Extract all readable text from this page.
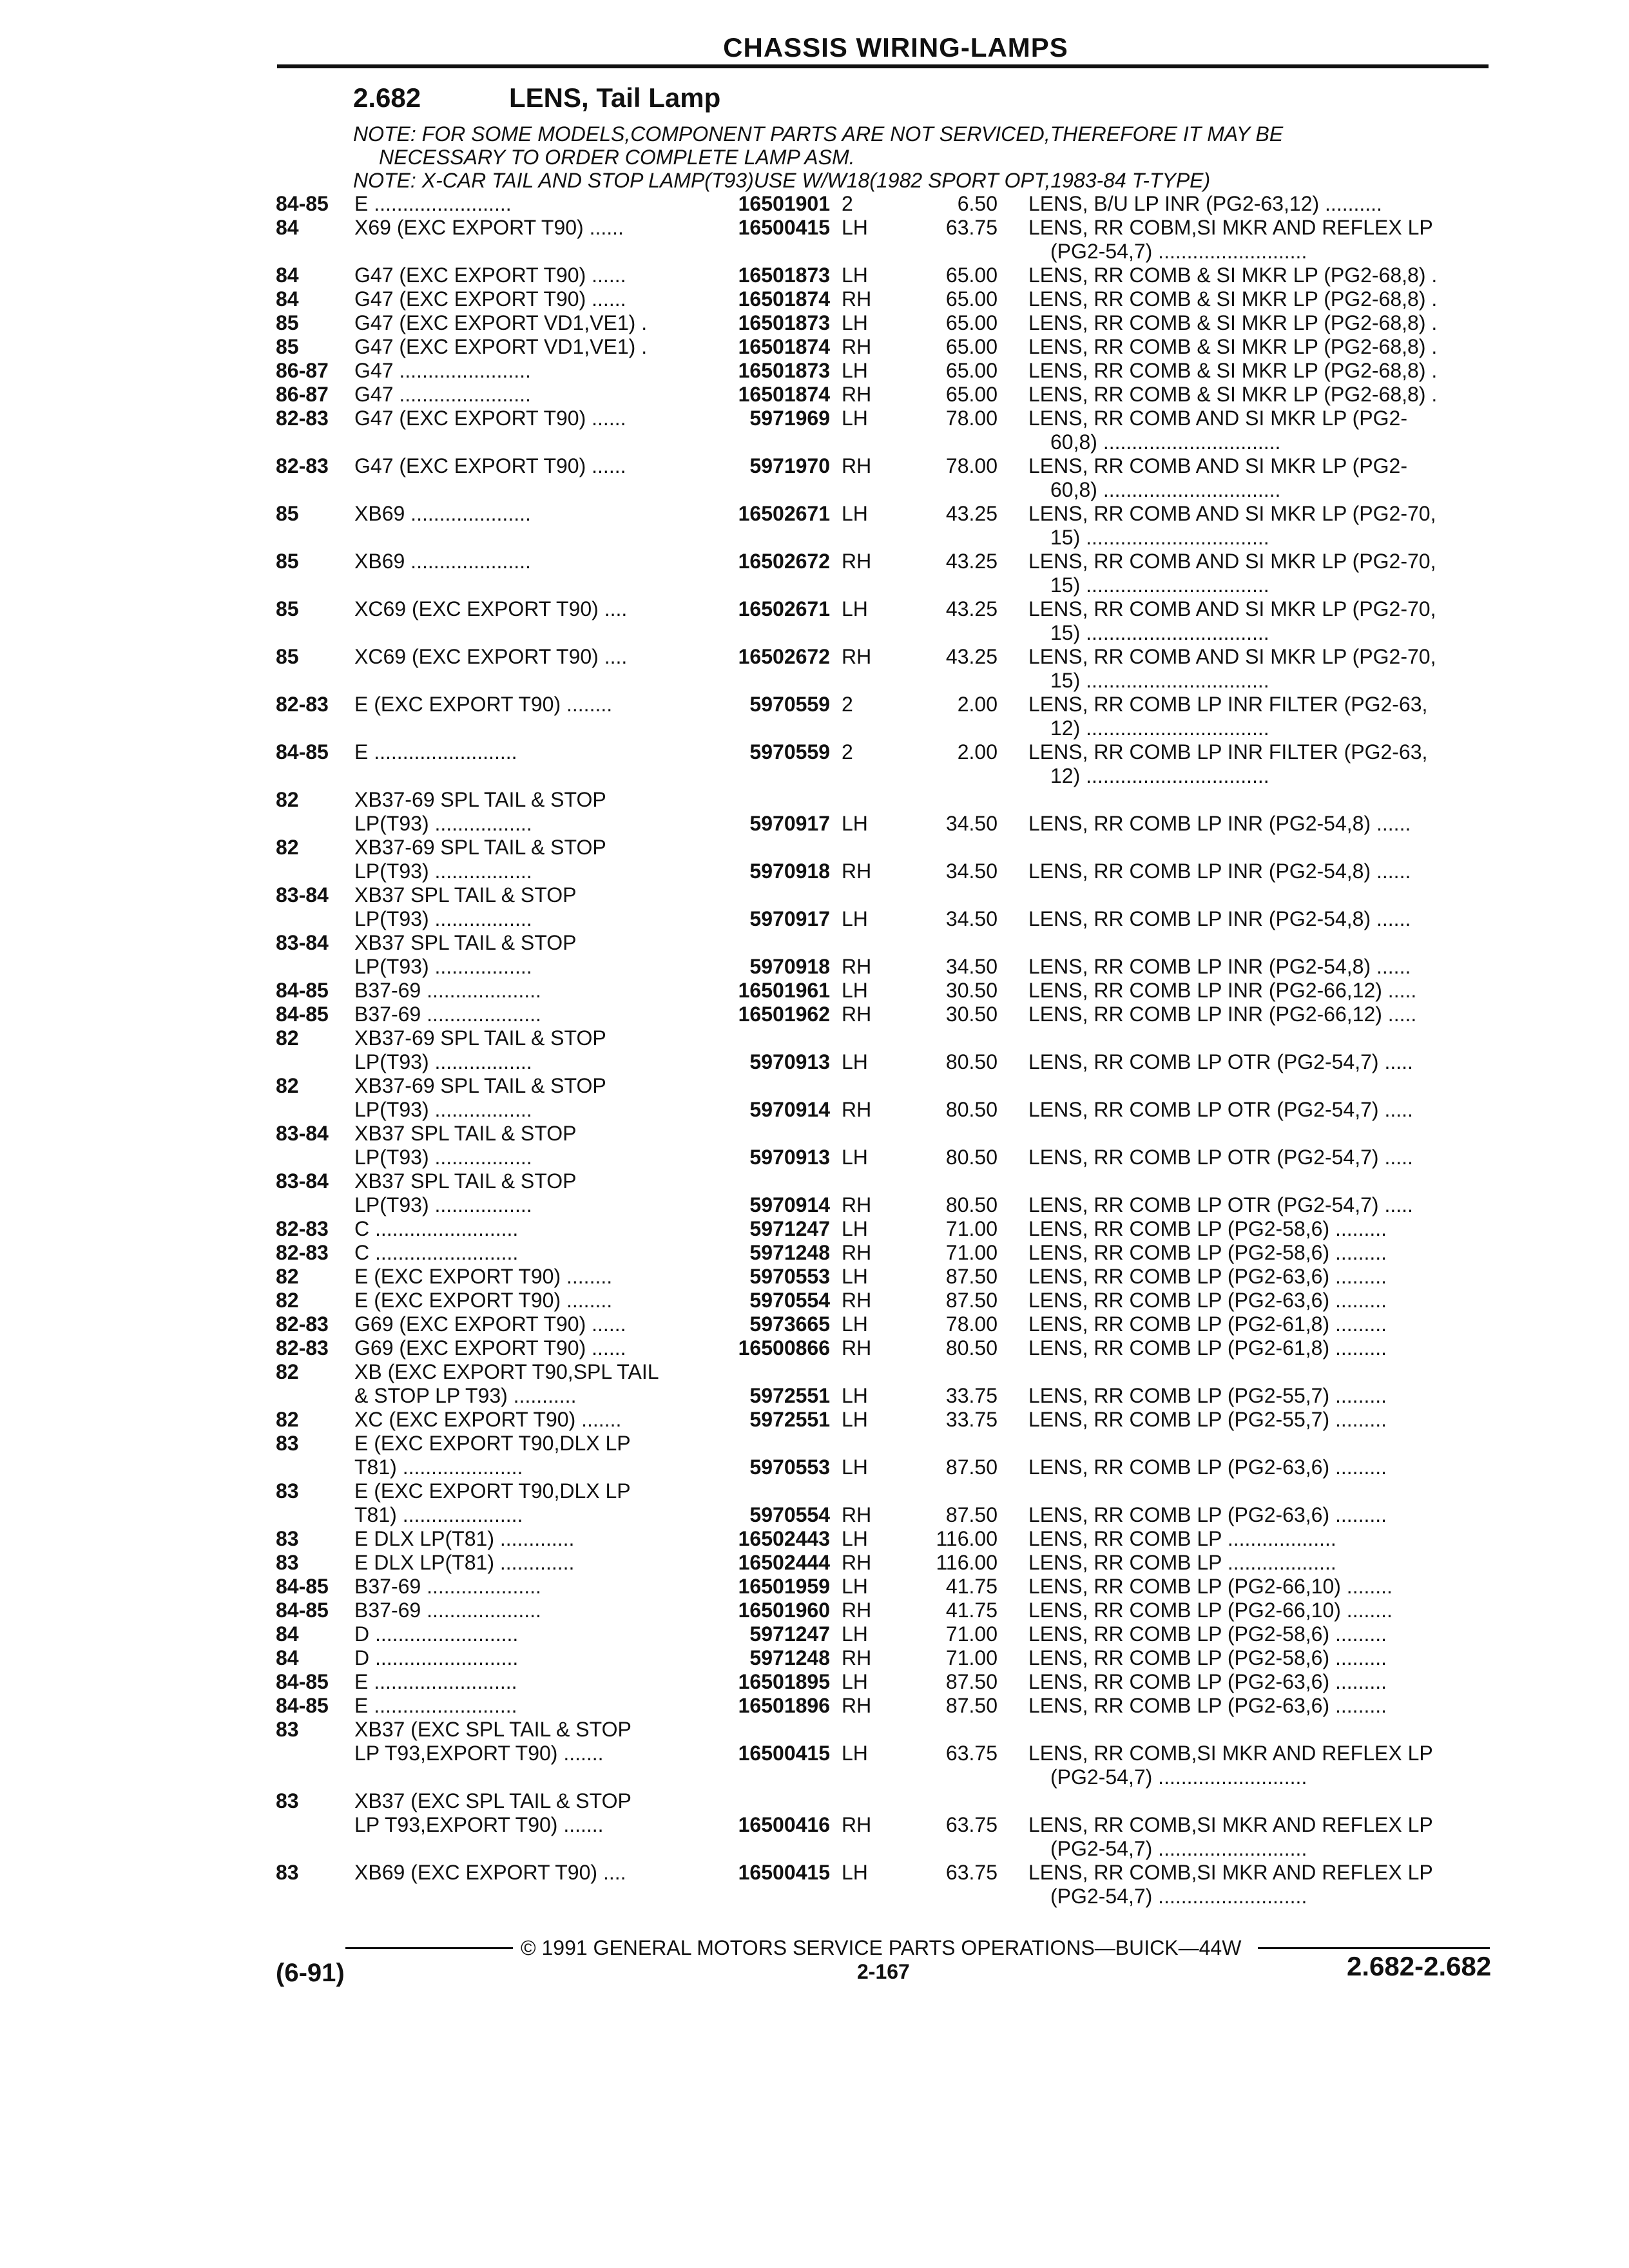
CHASSIS WIRING-LAMPS
2.682	LENS, Tail Lamp
NOTE: FOR SOME MODELS,COMPONENT PARTS ARE NOT SERVICED,THEREFORE IT MAY BE
NECESSARY TO ORDER COMPLETE LAMP ASM.
NOTE: X-CAR TAIL AND STOP LAMP(T93)USE W/W18(1982 SPORT OPT,1983-84 T-TYPE)
84-85	E ........................	16501901 2	6.50 LENS, B/U LP INR (PG2-63,12) ..........
84	X69 (EXC EXPORT T90) ......	16500415 LH	63.75 LENS, RR COBM,SI MKR AND REFLEX LP
(PG2-54,7) ..........................
84	G47 (EXC EXPORT T90) ......	16501873 LH	65.00 LENS, RR COMB & SI MKR LP (PG2-68,8) .
84	G47 (EXC EXPORT T90) ......	16501874 RH	65.00 LENS, RR COMB & SI MKR LP (PG2-68,8) .
85	G47 (EXC EXPORT VD1,VE1) .	16501873 LH	65.00 LENS, RR COMB & SI MKR LP (PG2-68,8) .
85	G47 (EXC EXPORT VD1,VE1) .	16501874 RH	65.00 LENS, RR COMB & SI MKR LP (PG2-68,8) .
86-87	G47 .......................	16501873 LH	65.00 LENS, RR COMB & SI MKR LP (PG2-68,8) .
86-87	G47 .......................	16501874 RH	65.00 LENS, RR COMB & SI MKR LP (PG2-68,8) .
82-83	G47 (EXC EXPORT T90) ......	5971969 LH	78.00 LENS, RR COMB AND SI MKR LP (PG2-
60,8) ...............................
82-83	G47 (EXC EXPORT T90) ......	5971970 RH	78.00 LENS, RR COMB AND SI MKR LP (PG2-
60,8) ...............................
85	XB69 .....................	16502671 LH	43.25 LENS, RR COMB AND SI MKR LP (PG2-70,
15) ................................
85	XB69 .....................	16502672 RH	43.25 LENS, RR COMB AND SI MKR LP (PG2-70,
15) ................................
85	XC69 (EXC EXPORT T90) ....	16502671 LH	43.25 LENS, RR COMB AND SI MKR LP (PG2-70,
15) ................................
85	XC69 (EXC EXPORT T90) ....	16502672 RH	43.25 LENS, RR COMB AND SI MKR LP (PG2-70,
15) ................................
82-83	E (EXC EXPORT T90) ........	5970559 2	2.00 LENS, RR COMB LP INR FILTER (PG2-63,
12) ................................
84-85	E .........................	5970559 2	2.00 LENS, RR COMB LP INR FILTER (PG2-63,
12) ................................
82	XB37-69 SPL TAIL & STOP
LP(T93) .................	5970917 LH	34.50 LENS, RR COMB LP INR (PG2-54,8) ......
82	XB37-69 SPL TAIL & STOP
LP(T93) .................	5970918 RH	34.50 LENS, RR COMB LP INR (PG2-54,8) ......
83-84	XB37 SPL TAIL & STOP
LP(T93) .................	5970917 LH	34.50 LENS, RR COMB LP INR (PG2-54,8) ......
83-84	XB37 SPL TAIL & STOP
LP(T93) .................	5970918 RH	34.50 LENS, RR COMB LP INR (PG2-54,8) ......
84-85	B37-69 ....................	16501961 LH	30.50 LENS, RR COMB LP INR (PG2-66,12) .....
84-85	B37-69 ....................	16501962 RH	30.50 LENS, RR COMB LP INR (PG2-66,12) .....
82	XB37-69 SPL TAIL & STOP
LP(T93) .................	5970913 LH	80.50 LENS, RR COMB LP OTR (PG2-54,7) .....
82	XB37-69 SPL TAIL & STOP
LP(T93) .................	5970914 RH	80.50 LENS, RR COMB LP OTR (PG2-54,7) .....
83-84	XB37 SPL TAIL & STOP
LP(T93) .................	5970913 LH	80.50 LENS, RR COMB LP OTR (PG2-54,7) .....
83-84	XB37 SPL TAIL & STOP
LP(T93) .................	5970914 RH	80.50 LENS, RR COMB LP OTR (PG2-54,7) .....
82-83	C .........................	5971247 LH	71.00 LENS, RR COMB LP (PG2-58,6) .........
82-83	C .........................	5971248 RH	71.00 LENS, RR COMB LP (PG2-58,6) .........
82	E (EXC EXPORT T90) ........	5970553 LH	87.50 LENS, RR COMB LP (PG2-63,6) .........
82	E (EXC EXPORT T90) ........	5970554 RH	87.50 LENS, RR COMB LP (PG2-63,6) .........
82-83	G69 (EXC EXPORT T90) ......	5973665 LH	78.00 LENS, RR COMB LP (PG2-61,8) .........
82-83	G69 (EXC EXPORT T90) ......	16500866 RH	80.50 LENS, RR COMB LP (PG2-61,8) .........
82	XB (EXC EXPORT T90,SPL TAIL
& STOP LP T93) ...........	5972551 LH	33.75 LENS, RR COMB LP (PG2-55,7) .........
82	XC (EXC EXPORT T90) .......	5972551 LH	33.75 LENS, RR COMB LP (PG2-55,7) .........
83	E (EXC EXPORT T90,DLX LP
T81) .....................	5970553 LH	87.50 LENS, RR COMB LP (PG2-63,6) .........
83	E (EXC EXPORT T90,DLX LP
T81) .....................	5970554 RH	87.50 LENS, RR COMB LP (PG2-63,6) .........
83	E DLX LP(T81) .............	16502443 LH	116.00 LENS, RR COMB LP ...................
83	E DLX LP(T81) .............	16502444 RH	116.00 LENS, RR COMB LP ...................
84-85	B37-69 ....................	16501959 LH	41.75 LENS, RR COMB LP (PG2-66,10) ........
84-85	B37-69 ....................	16501960 RH	41.75 LENS, RR COMB LP (PG2-66,10) ........
84	D .........................	5971247 LH	71.00 LENS, RR COMB LP (PG2-58,6) .........
84	D .........................	5971248 RH	71.00 LENS, RR COMB LP (PG2-58,6) .........
84-85	E .........................	16501895 LH	87.50 LENS, RR COMB LP (PG2-63,6) .........
84-85	E .........................	16501896 RH	87.50 LENS, RR COMB LP (PG2-63,6) .........
83	XB37 (EXC SPL TAIL & STOP
LP T93,EXPORT T90) .......	16500415 LH	63.75 LENS, RR COMB,SI MKR AND REFLEX LP
(PG2-54,7) ..........................
83	XB37 (EXC SPL TAIL & STOP
LP T93,EXPORT T90) .......	16500416 RH	63.75 LENS, RR COMB,SI MKR AND REFLEX LP
(PG2-54,7) ..........................
83	XB69 (EXC EXPORT T90) ....	16500415 LH	63.75 LENS, RR COMB,SI MKR AND REFLEX LP
(PG2-54,7) ..........................
© 1991 GENERAL MOTORS SERVICE PARTS OPERATIONS—BUICK—44W
(6-91)	2-167	2.682-2.682
